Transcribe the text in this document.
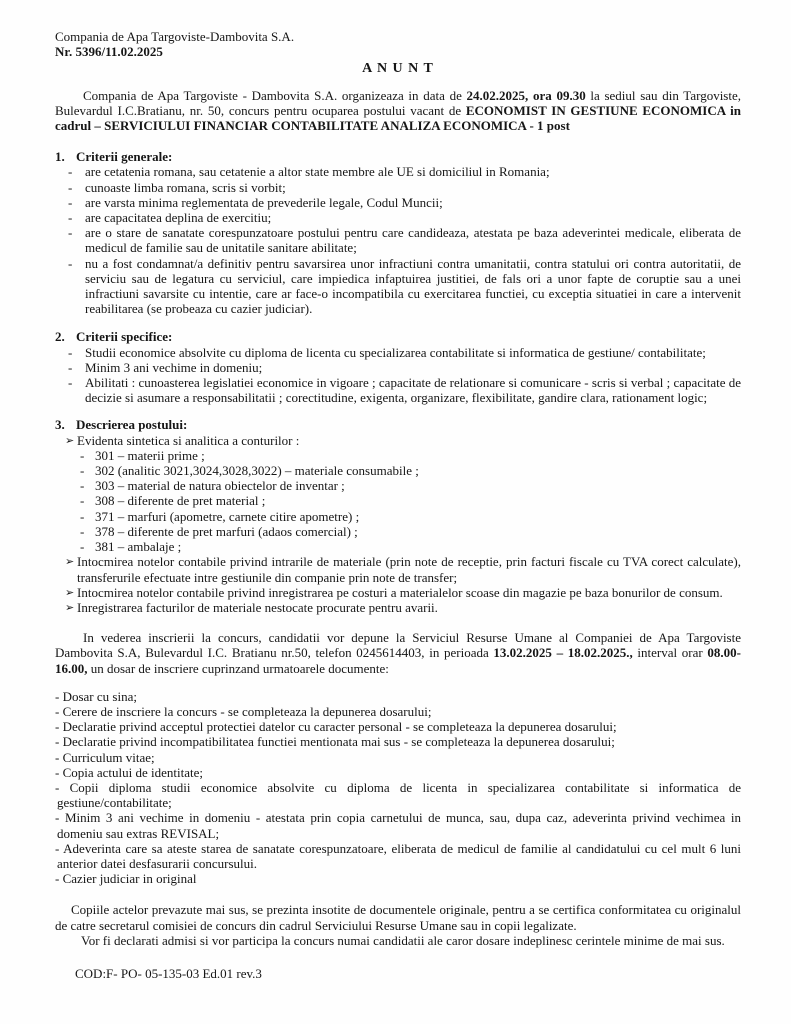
Compania de Apa Targoviste-Dambovita S.A.

Nr. 5396/11.02.2025

A N U N T

Compania de Apa Targoviste - Dambovita S.A. organizeaza in data de 24.02.2025, ora 09.30 la sediul sau din Targoviste, Bulevardul I.C.Bratianu, nr. 50, concurs pentru ocuparea postului vacant de ECONOMIST IN GESTIUNE ECONOMICA in cadrul – SERVICIULUI FINANCIAR CONTABILITATE ANALIZA ECONOMICA - 1 post

1. Criterii generale:
- are cetatenia romana, sau cetatenie a altor state membre ale UE si domiciliul in Romania;
- cunoaste limba romana, scris si vorbit;
- are varsta minima reglementata de prevederile legale, Codul Muncii;
- are capacitatea deplina de exercitiu;
- are o stare de sanatate corespunzatoare postului pentru care candideaza, atestata pe baza adeverintei medicale, eliberata de medicul de familie sau de unitatile sanitare abilitate;
- nu a fost condamnat/a definitiv pentru savarsirea unor infractiuni contra umanitatii, contra statului ori contra autoritatii, de serviciu sau de legatura cu serviciul, care impiedica infaptuirea justitiei, de fals ori a unor fapte de coruptie sau a unei infractiuni savarsite cu intentie, care ar face-o incompatibila cu exercitarea functiei, cu exceptia situatiei in care a intervenit reabilitarea (se probeaza cu cazier judiciar).
2. Criterii specifice:
- Studii economice absolvite cu diploma de licenta cu specializarea contabilitate si informatica de gestiune/ contabilitate;
- Minim 3 ani vechime in domeniu;
- Abilitati : cunoasterea legislatiei economice in vigoare ; capacitate de relationare si comunicare - scris si verbal ; capacitate de decizie si asumare a responsabilitatii ; corectitudine, exigenta, organizare, flexibilitate, gandire clara, rationament logic;
3. Descrierea postului:
➢ Evidenta sintetica si analitica a conturilor :
- 301 – materii prime ;
- 302 (analitic 3021,3024,3028,3022) – materiale consumabile ;
- 303 – material de natura obiectelor de inventar ;
- 308 – diferente de pret material ;
- 371 – marfuri (apometre, carnete citire apometre) ;
- 378 – diferente de pret marfuri (adaos comercial) ;
- 381 – ambalaje ;
➢ Intocmirea notelor contabile privind intrarile de materiale (prin note de receptie, prin facturi fiscale cu TVA corect calculate), transferurile efectuate intre gestiunile din companie prin note de transfer;
➢ Intocmirea notelor contabile privind inregistrarea pe costuri a materialelor scoase din magazie pe baza bonurilor de consum.
➢ Inregistrarea facturilor de materiale nestocate procurate pentru avarii.

In vederea inscrierii la concurs, candidatii vor depune la Serviciul Resurse Umane al Companiei de Apa Targoviste Dambovita S.A, Bulevardul I.C. Bratianu nr.50, telefon 0245614403, in perioada 13.02.2025 – 18.02.2025., interval orar 08.00-16.00, un dosar de inscriere cuprinzand urmatoarele documente:

- Dosar cu sina;

- Cerere de inscriere la concurs - se completeaza la depunerea dosarului;

- Declaratie privind acceptul protectiei datelor cu caracter personal - se completeaza la depunerea dosarului;

- Declaratie privind incompatibilitatea functiei mentionata mai sus - se completeaza la depunerea dosarului;

- Curriculum vitae;

- Copia actului de identitate;

- Copii diploma studii economice absolvite cu diploma de licenta in specializarea contabilitate si informatica de gestiune/contabilitate;

- Minim 3 ani vechime in domeniu - atestata prin copia carnetului de munca, sau, dupa caz, adeverinta privind vechimea in domeniu sau extras REVISAL;

- Adeverinta care sa ateste starea de sanatate corespunzatoare, eliberata de medicul de familie al candidatului cu cel mult 6 luni anterior datei desfasurarii concursului.

- Cazier judiciar in original

Copiile actelor prevazute mai sus, se prezinta insotite de documentele originale, pentru a se certifica conformitatea cu originalul de catre secretarul comisiei de concurs din cadrul Serviciului Resurse Umane sau in copii legalizate.

Vor fi declarati admisi si vor participa la concurs numai candidatii ale caror dosare indeplinesc cerintele minime de mai sus.

COD:F- PO- 05-135-03 Ed.01 rev.3
